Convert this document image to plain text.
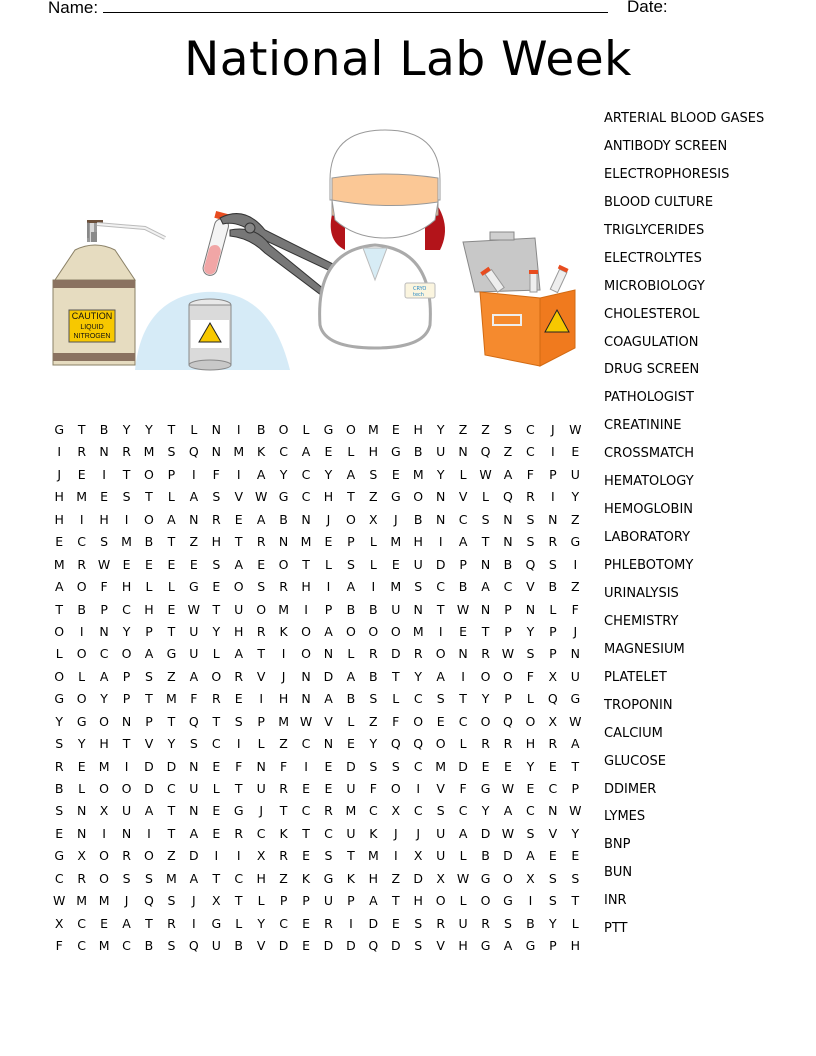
Name:	Date:
National Lab Week
CAUTION
LIQUID
NITROGEN
CRYO
tech
G	T	B	Y	Y	T	L	N	I	B	O	L	G	O M	E	H	Y	Z	Z	S	C	J	W
I	R	N	R	M	S	Q	N M	K	C	A	E	L	H	G	B	U	N	Q	Z	C	I	E
J	E	I	T	O	P	I	F	I	A	Y	C	Y	A	S	E	M	Y	L	W A	F	P	U
H M	E	S	T	L	A	S	V W G	C	H	T	Z	G	O	N	V	L	Q	R	I	Y
H	I	H	I	O	A	N	R	E	A	B	N	J	O	X	J	B	N	C	S	N	S	N	Z
E	C	S	M	B	T	Z	H	T	R	N M	E	P	L	M H	I	A	T	N	S	R	G
M	R W E	E	E	E	S	A	E	O	T	L	S	L	E	U	D	P	N	B	Q	S	I
A	O	F	H	L	L	G	E	O	S	R	H	I	A	I	M	S	C	B	A	C	V	B	Z
T	B	P	C	H	E W T	U	O M	I	P	B	B	U	N	T W N	P	N	L	F
O	I	N	Y	P	T	U	Y	H	R	K	O	A	O	O	O M	I	E	T	P	Y	P	J
L	O	C	O	A	G	U	L	A	T	I	O	N	L	R	D	R	O	N	R W S	P	N
O	L	A	P	S	Z	A	O	R	V	J	N	D	A	B	T	Y	A	I	O	O	F	X	U
G	O	Y	P	T	M	F	R	E	I	H	N	A	B	S	L	C	S	T	Y	P	L	Q	G
Y	G	O	N	P	T	Q	T	S	P	M W V	L	Z	F	O	E	C	O	Q	O	X W
S	Y	H	T	V	Y	S	C	I	L	Z	C	N	E	Y	Q	Q	O	L	R	R	H	R	A
R	E	M	I	D	D	N	E	F	N	F	I	E	D	S	S	C	M D	E	E	Y	E	T
B	L	O	O	D	C	U	L	T	U	R	E	E	U	F	O	I	V	F	G W E	C	P
S	N	X	U	A	T	N	E	G	J	T	C	R	M	C	X	C	S	C	Y	A	C	N W
E	N	I	N	I	T	A	E	R	C	K	T	C	U	K	J	J	U	A	D W S	V	Y
G	X	O	R	O	Z	D	I	I	X	R	E	S	T	M	I	X	U	L	B	D	A	E	E
C	R	O	S	S	M	A	T	C	H	Z	K	G	K	H	Z	D	X W G	O	X	S	S
W M M	J	Q	S	J	X	T	L	P	P	U	P	A	T	H	O	L	O	G	I	S	T
X	C	E	A	T	R	I	G	L	Y	C	E	R	I	D	E	S	R	U	R	S	B	Y	L
F	C	M	C	B	S	Q	U	B	V	D	E	D	D	Q	D	S	V	H	G	A	G	P	H
ARTERIAL BLOOD GASES
ANTIBODY SCREEN
ELECTROPHORESIS
BLOOD CULTURE
TRIGLYCERIDES
ELECTROLYTES
MICROBIOLOGY
CHOLESTEROL
COAGULATION
DRUG SCREEN
PATHOLOGIST
CREATININE
CROSSMATCH
HEMATOLOGY
HEMOGLOBIN
LABORATORY
PHLEBOTOMY
URINALYSIS
CHEMISTRY
MAGNESIUM
PLATELET
TROPONIN
CALCIUM
GLUCOSE
DDIMER
LYMES
BNP
BUN
INR
PTT
